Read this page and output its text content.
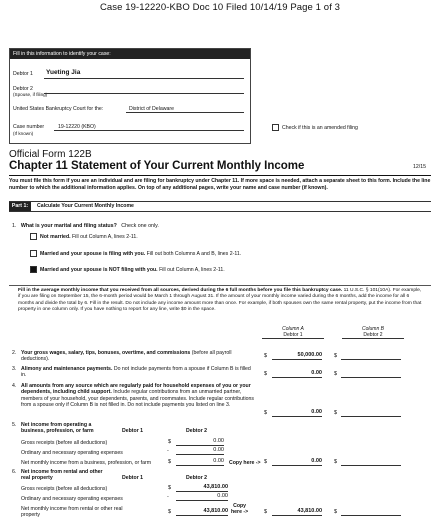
Case 19-12220-KBO Doc 10 Filed 10/14/19 Page 1 of 3
Fill in this information to identify your case:
Debtor 1 Yueting Jia
Debtor 2
(Spouse, if filing)
United States Bankruptcy Court for the:	District of Delaware
Case number
(If known)
19-12220 (KBO)	Check if this is an amended filing
Official Form 122B
Chapter 11 Statement of Your Current Monthly Income	12/15
You must file this form if you are an individual and are filing for bankruptcy under Chapter 11. If more space is needed, attach a separate sheet to this form. Include the line number to which the additional information applies. On top of any additional pages, write your name and case number (if known).
Part 1:	Calculate Your Current Monthly Income
1. What is your marital and filing status? Check one only.
Not married. Fill out Column A, lines 2-11.
Married and your spouse is filing with you. Fill out both Columns A and B, lines 2-11.
Married and your spouse is NOT filing with you. Fill out Column A, lines 2-11.
Fill in the average monthly income that you received from all sources, derived during the 6 full months before you file this bankruptcy case. 11 U.S.C. § 101(10A). For example, if you are filing on September 15, the 6-month period would be March 1 through August 31. If the amount of your monthly income varied during the 6 months, add the income for all 6 months and divide the total by 6. Fill in the result. Do not include any income amount more than once. For example, if both spouses own the same rental property, put the income from that property in one column only. If you have nothing to report for any line, write $0 in the space.
Column A
Debtor 1
Column B
Debtor 2
2. Your gross wages, salary, tips, bonuses, overtime, and commissions (before all payroll deductions).
$	50,000.00 $
3. Alimony and maintenance payments. Do not include payments from a spouse if Column B is filled in.	$	0.00 $
4. All amounts from any source which are regularly paid for household expenses of you or your dependents, including child support. Include regular contributions from an unmarried partner, members of your household, your dependents, parents, and roommates. Include regular contributions from a spouse only if Column B is not filled in. Do not include payments you listed on line 3.
$	0.00 $
5. Net income from operating a business, profession, or farm	Debtor 1	Debtor 2
Gross receipts (before all deductions)	$	0.00
Ordinary and necessary operating expenses	-	0.00
Net monthly income from a business, profession, or farm	$	0.00 Copy here -> $	0.00 $
6. Net income from rental and other real property	Debtor 1	Debtor 2
Gross receipts (before all deductions)	$	43,810.00
Ordinary and necessary operating expenses	-	0.00
Net monthly income from rental or other real
property
$	43,810.00
Copy
here ->	$	43,810.00 $
